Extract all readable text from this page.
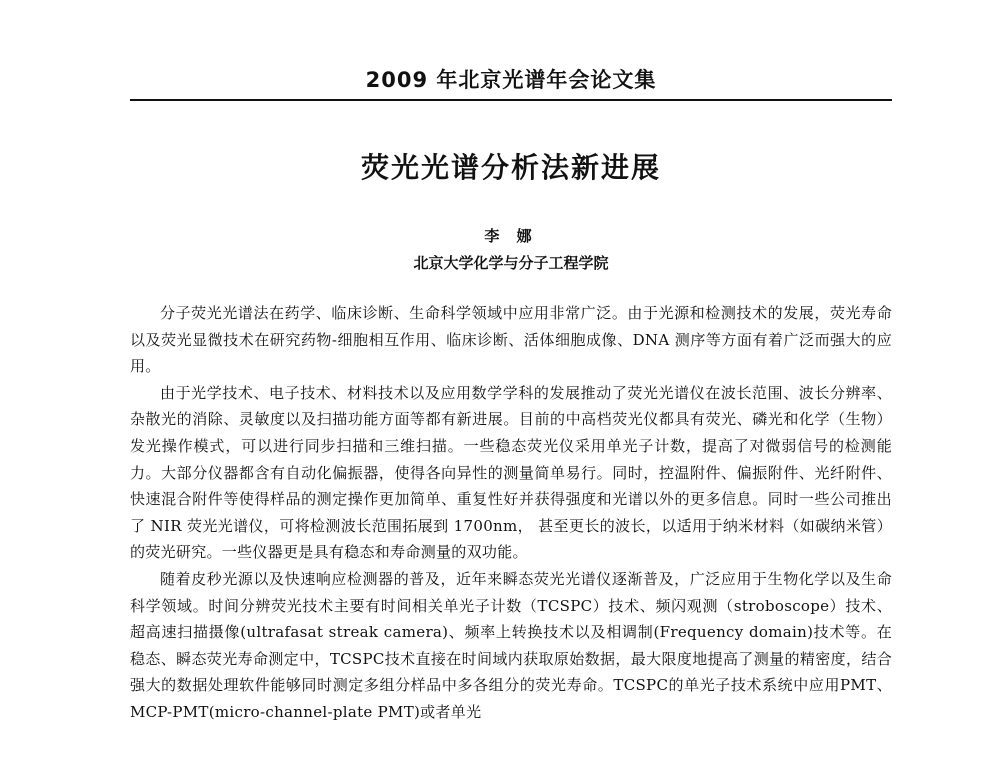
2009 年北京光谱年会论文集
荧光光谱分析法新进展
李 娜
北京大学化学与分子工程学院

分子荧光光谱法在药学、临床诊断、生命科学领域中应用非常广泛。由于光源和检测技术的发展，荧光寿命以及荧光显微技术在研究药物-细胞相互作用、临床诊断、活体细胞成像、DNA 测序等方面有着广泛而强大的应用。

由于光学技术、电子技术、材料技术以及应用数学学科的发展推动了荧光光谱仪在波长范围、波长分辨率、杂散光的消除、灵敏度以及扫描功能方面等都有新进展。目前的中高档荧光仪都具有荧光、磷光和化学（生物）发光操作模式，可以进行同步扫描和三维扫描。一些稳态荧光仪采用单光子计数，提高了对微弱信号的检测能力。大部分仪器都含有自动化偏振器，使得各向异性的测量简单易行。同时，控温附件、偏振附件、光纤附件、快速混合附件等使得样品的测定操作更加简单、重复性好并获得强度和光谱以外的更多信息。同时一些公司推出了 NIR 荧光光谱仪，可将检测波长范围拓展到 1700nm， 甚至更长的波长，以适用于纳米材料（如碳纳米管）的荧光研究。一些仪器更是具有稳态和寿命测量的双功能。

随着皮秒光源以及快速响应检测器的普及，近年来瞬态荧光光谱仪逐渐普及，广泛应用于生物化学以及生命科学领域。时间分辨荧光技术主要有时间相关单光子计数（TCSPC）技术、频闪观测（stroboscope）技术、超高速扫描摄像(ultrafasat streak camera)、频率上转换技术以及相调制(Frequency domain)技术等。在稳态、瞬态荧光寿命测定中，TCSPC技术直接在时间域内获取原始数据，最大限度地提高了测量的精密度，结合强大的数据处理软件能够同时测定多组分样品中多各组分的荧光寿命。TCSPC的单光子技术系统中应用PMT、MCP-PMT(micro-channel-plate PMT)或者单光
